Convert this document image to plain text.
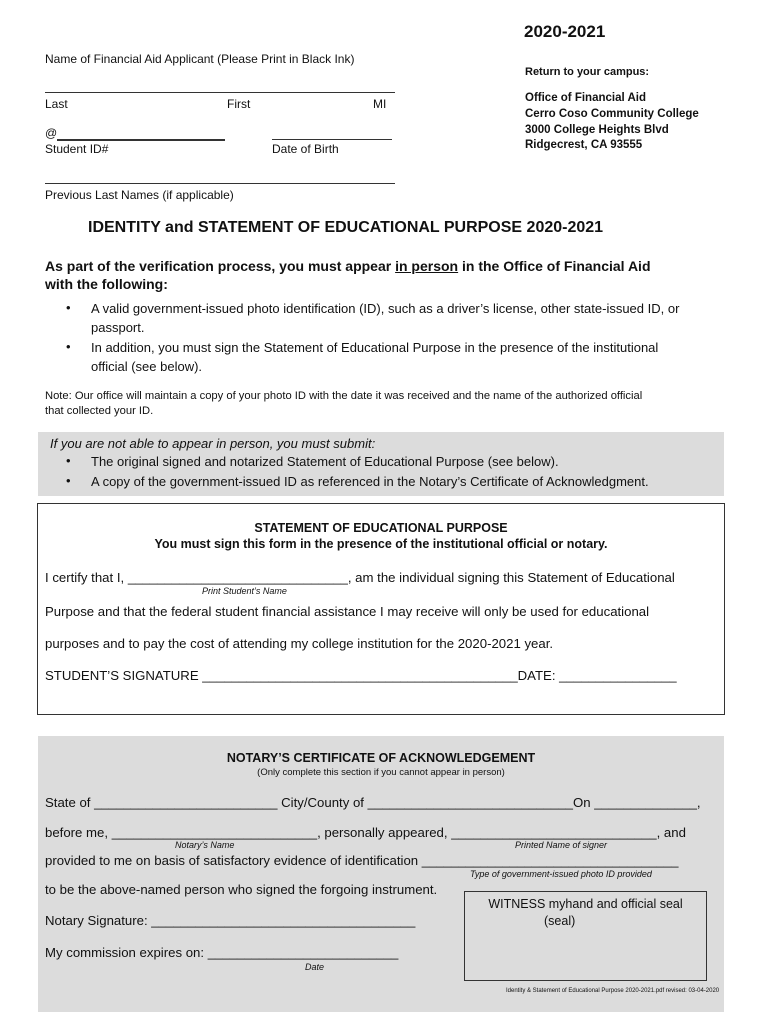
2020-2021
Name of Financial Aid Applicant (Please Print in Black Ink)
Last	First	MI
@
Student ID#	Date of Birth
Previous Last Names (if applicable)
Return to your campus:
Office of Financial Aid
Cerro Coso Community College
3000 College Heights Blvd
Ridgecrest, CA 93555
IDENTITY and STATEMENT OF EDUCATIONAL PURPOSE 2020-2021
As part of the verification process, you must appear in person in the Office of Financial Aid
with the following:
• A valid government-issued photo identification (ID), such as a driver’s license, other state-issued ID, or
passport.
• In addition, you must sign the Statement of Educational Purpose in the presence of the institutional
official (see below).
Note: Our office will maintain a copy of your photo ID with the date it was received and the name of the authorized official
that collected your ID.
If you are not able to appear in person, you must submit:
• The original signed and notarized Statement of Educational Purpose (see below).
• A copy of the government-issued ID as referenced in the Notary’s Certificate of Acknowledgment.
STATEMENT OF EDUCATIONAL PURPOSE
You must sign this form in the presence of the institutional official or notary.
I certify that I, ______________________________, am the individual signing this Statement of Educational
Print Student’s Name
Purpose and that the federal student financial assistance I may receive will only be used for educational
purposes and to pay the cost of attending my college institution for the 2020-2021 year.
STUDENT’S SIGNATURE ___________________________________________DATE: ________________
NOTARY’S CERTIFICATE OF ACKNOWLEDGEMENT
(Only complete this section if you cannot appear in person)
State of _________________________ City/County of ____________________________On ______________,
before me, ____________________________, personally appeared, ____________________________, and
Notary’s Name	Printed Name of signer
provided to me on basis of satisfactory evidence of identification ___________________________________
Type of government-issued photo ID provided
to be the above-named person who signed the forgoing instrument.
Notary Signature: ____________________________________
My commission expires on: __________________________
Date
WITNESS myhand and official seal
(seal)
Identity & Statement of Educational Purpose 2020-2021.pdf revised: 03-04-2020
